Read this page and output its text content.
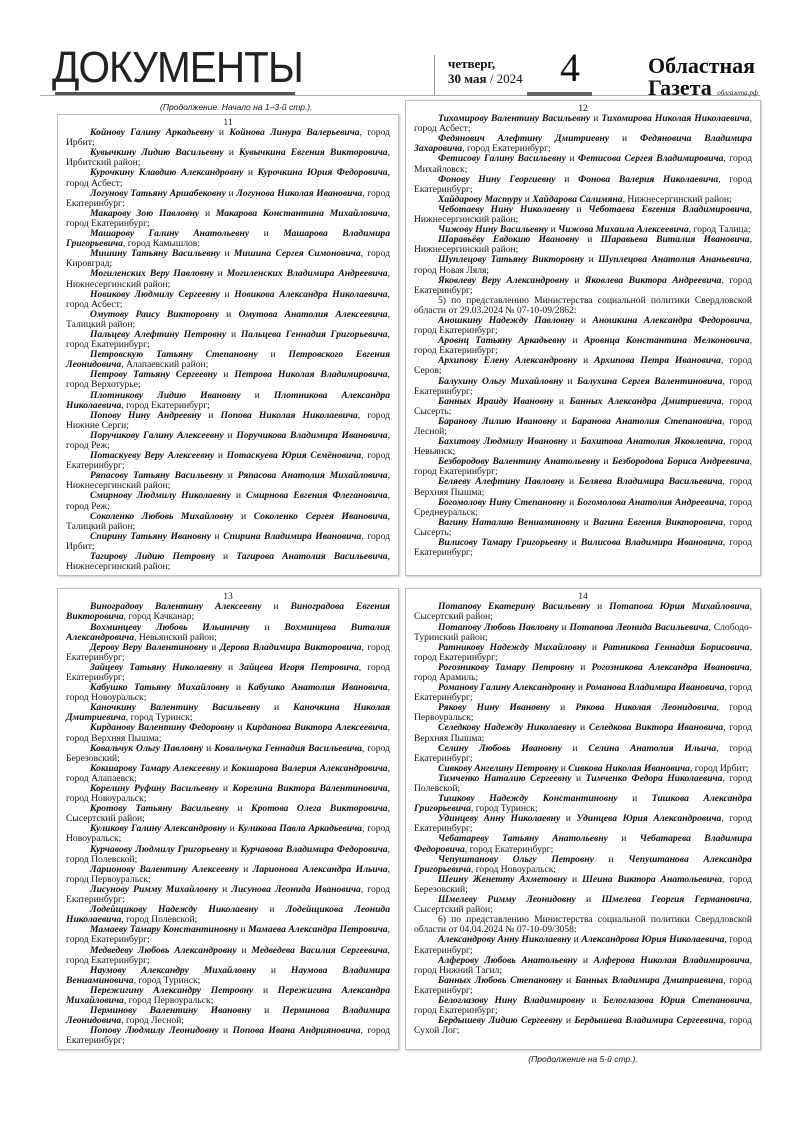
ДОКУМЕНТЫ	четверг,
30 мая / 2024 4	Областная
Газета облгазета.рф
(Продолжение. Начало на 1–3-й стр.).
11

Койнову Галину Аркадьевну и Койнова Линура Валерьевича, город Ирбит;

Кувычкину Лидию Васильевну и Кувычкина Евгения Викторовича, Ирбитский район;

Курочкину Клавдию Александровну и Курочкина Юрия Федоровича, город Асбест;

Логунову Татьяну Аршабековну и Логунова Николая Ивановича, город Екатеринбург;

Макарову Зою Павловну и Макарова Константина Михайловича, город Екатеринбург;

Машарову Галину Анатольевну и Машарова Владимира Григорьевича, город Камышлов;

Мишину Татьяну Васильевну и Мишина Сергея Симоновича, город Кировград;

Могиленских Веру Павловну и Могиленских Владимира Андреевича, Нижнесергинский район;

Новикову Людмилу Сергеевну и Новикова Александра Николаевича, город Асбест;

Омутову Раису Викторовну и Омутова Анатолия Алексеевича, Талицкий район;

Пальцеву Алефтину Петровну и Пальцева Геннадия Григорьевича, город Екатеринбург;

Петровскую Татьяну Степановну и Петровского Евгения Леонидовича, Алапаевский район;

Петрову Татьяну Сергеевну и Петрова Николая Владимировича, город Верхотурье;

Плотникову Лидию Ивановну и Плотникова Александра Николаевича, город Екатеринбург;

Попову Нину Андреевну и Попова Николая Николаевича, город Нижние Серги;

Поручикову Галину Алексеевну и Поручикова Владимира Ивановича, город Реж;

Потаскуеву Веру Алексеевну и Потаскуева Юрия Семёновича, город Екатеринбург;

Ряпасову Татьяну Васильевну и Ряпасова Анатолия Михайловича, Нижнесергинский район;

Смирнову Людмилу Николаевну и Смирнова Евгения Флегановича, город Реж;

Соколенко Любовь Михайловну и Соколенко Сергея Ивановича, Талицкий район;

Спирину Татьяну Ивановну и Спирина Владимира Ивановича, город Ирбит;

Тагирову Лидию Петровну и Тагирова Анатолия Васильевича, Нижнесергинский район;

12

Тихомирову Валентину Васильевну и Тихомирова Николая Николаевича, город Асбест;

Федянович Алефтину Дмитриевну и Федяновича Владимира Захаровича, город Екатеринбург;

Фетисову Галину Васильевну и Фетисова Сергея Владимировича, город Михайловск;

Фонову Нину Георгиевну и Фонова Валерия Николаевича, город Екатеринбург;

Хайдарову Мастуру и Хайдарова Салимяна, Нижнесергинский район;

Чеботаеву Нину Николаевну и Чеботаева Евгения Владимировича, Нижнесергинский район;

Чижову Нину Васильевну и Чижова Михаила Алексеевича, город Талица;

Шаравьёву Евдокию Ивановну и Шаравьева Виталия Ивановича, Нижнесергинский район;

Шуплецову Татьяну Викторовну и Шуплецова Анатолия Ананьевича, город Новая Ляля;

Яковлеву Веру Александровну и Яковлева Виктора Андреевича, город Екатеринбург;

5) по представлению Министерства социальной политики Свердловской области от 29.03.2024 № 07-10-09/2862:

Аношкину Надежду Павловну и Аношкина Александра Федоровича, город Екатеринбург;

Аровнц Татьяну Аркадьевну и Аровнца Константина Мелконовича, город Екатеринбург;

Архипову Елену Александровну и Архипова Петра Ивановича, город Серов;

Балухину Ольгу Михайловну и Балухина Сергея Валентиновича, город Екатеринбург;

Банных Ираиду Ивановну и Банных Александра Дмитриевича, город Сысерть;

Баранову Лилию Ивановну и Баранова Анатолия Степановича, город Лесной;

Бахитову Людмилу Ивановну и Бахитова Анатолия Яковлевича, город Невьянск;

Безбородову Валентину Анатольевну и Безбородова Бориса Андреевича, город Екатеринбург;

Беляеву Алефтину Павловну и Беляева Владимира Васильевича, город Верхняя Пышма;

Богомолову Нину Степановну и Богомолова Анатолия Андреевича, город Среднеуральск;

Вагину Наталию Вениаминовну и Вагина Евгения Викторовича, город Сысерть;

Вилисову Тамару Григорьевну и Вилисова Владимира Ивановича, город Екатеринбург;

13

Виноградову Валентину Алексеевну и Виноградова Евгения Викторовича, город Качканар;

Вохминцеву Любовь Ильиничну и Вохминцева Виталия Александровича, Невьянский район;

Дерову Веру Валентиновну и Дерова Владимира Викторовича, город Екатеринбург;

Зайцеву Татьяну Николаевну и Зайцева Игоря Петровича, город Екатеринбург;

Кабушко Татьяну Михайловну и Кабушко Анатолия Ивановича, город Новоуральск;

Каночкину Валентину Васильевну и Каночкина Николая Дмитриевича, город Туринск;

Кирданову Валентину Федоровну и Кирданова Виктора Алексеевича, город Верхняя Пышма;

Ковальчук Ольгу Павловну и Ковальчука Геннадия Васильевича, город Березовский;

Кокшарову Тамару Алексеевну и Кокшарова Валерия Александровича, город Алапаевск;

Корелину Руфину Васильевну и Корелина Виктора Валентиновича, город Новоуральск;

Кротову Татьяну Васильевну и Кротова Олега Викторовича, Сысертский район;

Куликову Галину Александровну и Куликова Павла Аркадьевича, город Новоуральск;

Курчавову Людмилу Григорьевну и Курчавова Владимира Федоровича, город Полевской;

Ларионову Валентину Алексеевну и Ларионова Александра Ильича, город Первоуральск;

Лисунову Римму Михайловну и Лисунова Леонида Ивановича, город Екатеринбург;

Лодейщикову Надежду Николаевну и Лодейщикова Леонида Николаевича, город Полевской;

Мамаеву Тамару Константиновну и Мамаева Александра Петровича, город Екатеринбург;

Медведеву Любовь Александровну и Медведева Василия Сергеевича, город Екатеринбург;

Наумову Александру Михайловну и Наумова Владимира Вениаминовича, город Туринск;

Пережигину Александру Петровну и Пережигина Александра Михайловича, город Первоуральск;

Перминову Валентину Ивановну и Перминова Владимира Леонидовича, город Лесной;

Попову Людмилу Леонидовну и Попова Ивана Андрияновича, город Екатеринбург;

14

Потапову Екатерину Васильевну и Потапова Юрия Михайловича, Сысертский район;

Потапову Любовь Павловну и Потапова Леонида Васильевича, Слободо-Туринский район;

Ратникову Надежду Михайловну и Ратникова Геннадия Борисовича, город Екатеринбург;

Рогозникову Тамару Петровну и Рогозникова Александра Ивановича, город Арамиль;

Романову Галину Александровну и Романова Владимира Ивановича, город Екатеринбург;

Рякову Нину Ивановну и Рякова Николая Леонидовича, город Первоуральск;

Селедкову Надежду Николаевну и Селедкова Виктора Ивановича, город Верхняя Пышма;

Селину Любовь Ивановну и Селина Анатолия Ильича, город Екатеринбург;

Сивкову Ангелину Петровну и Сивкова Николая Ивановича, город Ирбит;

Тимченко Наталию Сергеевну и Тимченко Федора Николаевича, город Полевской;

Тишкову Надежду Константиновну и Тишкова Александра Григорьевича, город Туринск;

Удинцеву Анну Николаевну и Удинцева Юрия Александровича, город Екатеринбург;

Чебатареву Татьяну Анатольевну и Чебатарева Владимира Федоровича, город Екатеринбург;

Чепуштанову Ольгу Петровну и Чепуштанова Александра Григорьевича, город Новоуральск;

Шеину Женетту Ахметовну и Шеина Виктора Анатольевича, город Березовский;

Шмелеву Римму Леонидовну и Шмелева Георгия Германовича, Сысертский район;

6) по представлению Министерства социальной политики Свердловской области от 04.04.2024 № 07-10-09/3058:

Александрову Анну Николаевну и Александрова Юрия Николаевича, город Екатеринбург;

Алферову Любовь Анатольевну и Алферова Николая Владимировича, город Нижний Тагил;

Банных Любовь Степановну и Банных Владимира Дмитриевича, город Екатеринбург;

Белоглазову Нину Владимировну и Белоглазова Юрия Степановича, город Екатеринбург;

Бердышеву Лидию Сергеевну и Бердышева Владимира Сергеевича, город Сухой Лог;

(Продолжение на 5-й стр.).
